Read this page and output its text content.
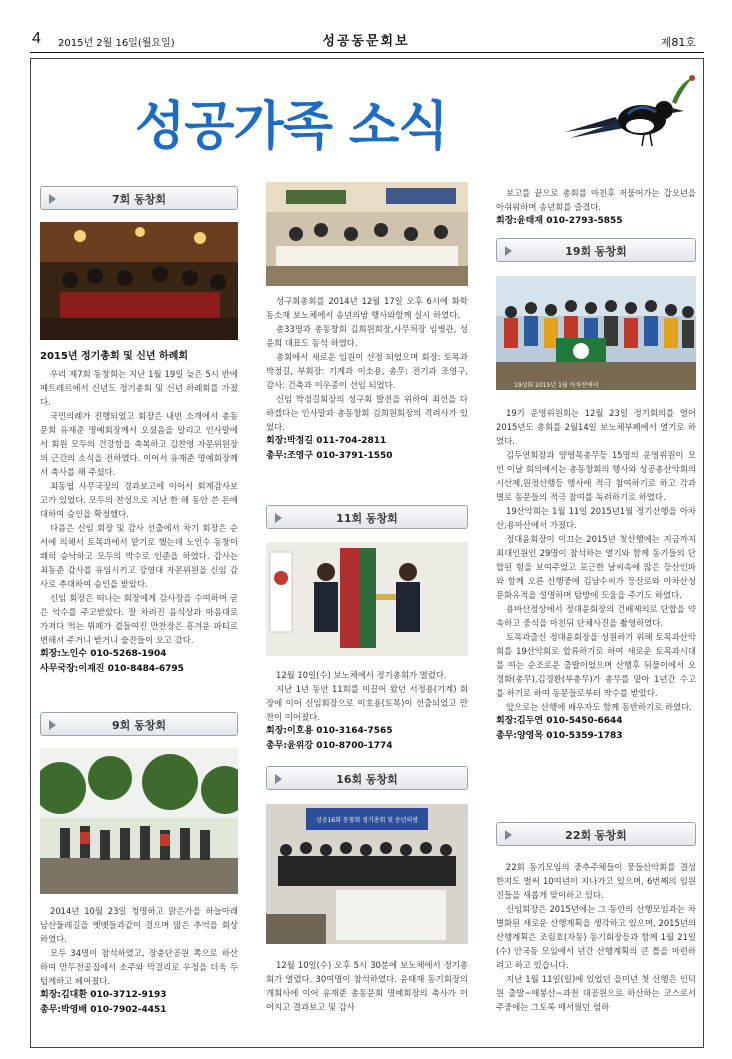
4 2015년 2월 16일(월요일)	성공동문회보	제81호
성공가족 소식
7회 동창회
2015년 정기총회 및 신년 하례회

우리 제7회 동창회는 지난 1월 19일 늦은 5시 반에 메트레르에서 신년도 정기총회 및 신년 하례회를 가졌다.

국민의례가 진행되었고 회장은 내빈 소개에서 총동문회 유재준 명예회장께서 오셨음을 알리고 인사말에서 회원 모두의 건강함을 축복하고 김찬영 자문위원장의 근간의 소식을 전하였다. 이어서 유재준 명예회장께서 축사를 해 주셨다.

최동엽 사무국장의 경과보고에 이어서 회계감사보고가 있었다. 모두의 찬성으로 지난 한 해 동안 쓴 돈에 대하여 승인을 확정했다.

다음은 신임 회장 및 감사 선출에서 차기 회장은 순서에 의해서 토목과에서 맡기로 했는데 노인수 동창이 쾌히 승낙하고 모두의 박수로 인준을 하였다. 감사는 최동준 감사를 유임시키고 강영대 자문위원을 신임 감사로 추대하여 승인을 받았다.

신임 회장은 떠나는 회장에게 감사장을 수여하며 굳은 악수를 주고받았다. 잘 차려진 음식상과 마음대로 가져다 먹는 뷔페가 곁들여진 만찬장은 흥겨운 파티로 변해서 주거니 받거니 술잔들이 오고 갔다.

회장:노인수 010-5268-1904

사무국장:이재진 010-8484-6795

9회 동창회

2014년 10월 23일 청명하고 맑은가을 하늘아래 남산둘레길을 옛뱃들과같이 걸으며 많은 추억을 회상하였다.

모두 34명이 참석하였고, 장충단공원 쪽으로 하산하여 만두전골집에서 소주와 막걸리로 우정을 더욱 두텁게하고 헤어졌다.

회장:김대환 010-3712-9193

총무:박영배 010-7902-4451

성구회총회를 2014년 12월 17일 오후 6시에 화학동소재 보노체에서 송년의밤 행사와함께 실시 하였다.

총33명과 총동창회 김희원회장,사무처장 임병관, 성윤희 대표도 동석 하였다.

총회에서 새로운 임원이 선정 되었으며 회장: 토목과 박정길, 부회장: 기계과 이소용, 총무: 전기과 조영구, 감사: 건축과 이우종이 선임 되었다.

신임 박정길회장의 성구회 발전을 위하여 최선을 다하겠다는 인사말과 총동창회 김희원회장의 격려사가 있었다.

회장:박정길 011-704-2811

총무:조영구 010-3791-1550

11회 동창회

12월 10일(수) 보노체에서 정기총회가 열렸다.

지난 1년 동안 11회를 이끌어 왔던 서정용(기계) 회장에 이어 신임회장으로 이호용(토목)이 선출되었고 만찬이 이어졌다.

회장:이호용 010-3164-7565

총무:윤위강 010-8700-1774

16회 동창회
성공16회 동창회 정기총회 및 송년의밤

12월 10일(수) 오후 5시 30분에 보노체에서 정기총회가 열렸다. 30여명이 참석하였다. 윤태재 동기회장의 개회사에 이어 유재준 총동문회 명예회장의 축사가 이어지고 결과보고 및 감사

보고를 끝으로 총회를 마친후 저물어가는 갑오년을 아쉬워하며 송년회를 즐겼다.

회장:윤태재 010-2793-5855

19회 동창회
19성회 2015년 1월 아차산에서

19기 운영위원회는 12월 23일 정기회의를 열어 2015년도 총회를 2월14일 보노체부페에서 열기로 하였다.

김두연회장과 양영목총무등 15명의 운영위원이 모인 이날 회의에서는 총동창회의 행사와 성공총산악회의 시산제,원정산행등 행사에 적극 참여하기로 하고 각과별로 동문들의 적극 참여를 독려하기로 하였다.

19산악회는 1월 11일 2015년1월 정기산행을 아차산,용마산에서 가졌다.

정대윤회장이 이끄는 2015년 첫산행에는 지금까지 최대인원인 29명이 참석하는 열기와 함께 동기들의 단합된 힘을 보여주었고 포근한 날씨속에 많은 등산인파와 함께 오른 산행중에 김남수씨가 등산로와 아차산성 문화유적을 설명하며 탐방에 도움을 주기도 하였다.

용마산정상에서 정대윤회장의 건배제의로 단합을 약속하고 중식을 마친뒤 단체사진을 촬영하였다.

토목과출신 정대윤회장을 성원하기 위해 토목과산악회를 19산악회로 합류하기로 하여 새로운 토목과시대를 여는 순조로운 출발이었으며 산행후 뒤풀이에서 오경화(총무),김경환(부총무)가 총무를 맡아 1년간 수고를 하기로 하여 동문들로부터 박수를 받았다.

앞으로는 산행에 배우자도 함께 동반하기로 하였다.

회장:김두연 010-5450-6644

총무:양영목 010-5359-1783

22회 동창회

22회 동기모임의 중추주체들이 뭉들산악회를 결성한지도 벌써 10여년이 지나가고 있으며, 6번째의 임원진들을 새롭게 맞이하고 있다.

신임회장은 2015년에는 그 동안의 산행모임과는 차별화된 새로운 산행계획을 생각하고 있으며, 2015년의 산행계획은 조림호(자동) 동기회장등과 함께 1월 21일(수) 안국동 모임에서 년간 산행계획의 큰 틀을 마련하려고 하고 있습니다.

지난 1월 11일(일)에 있었던 을미년 첫 산행은 인덕원 출발~매봉산~과천 대공원으로 하산하는 코스로서 주중에는 그토록 매서웠던 엄하
